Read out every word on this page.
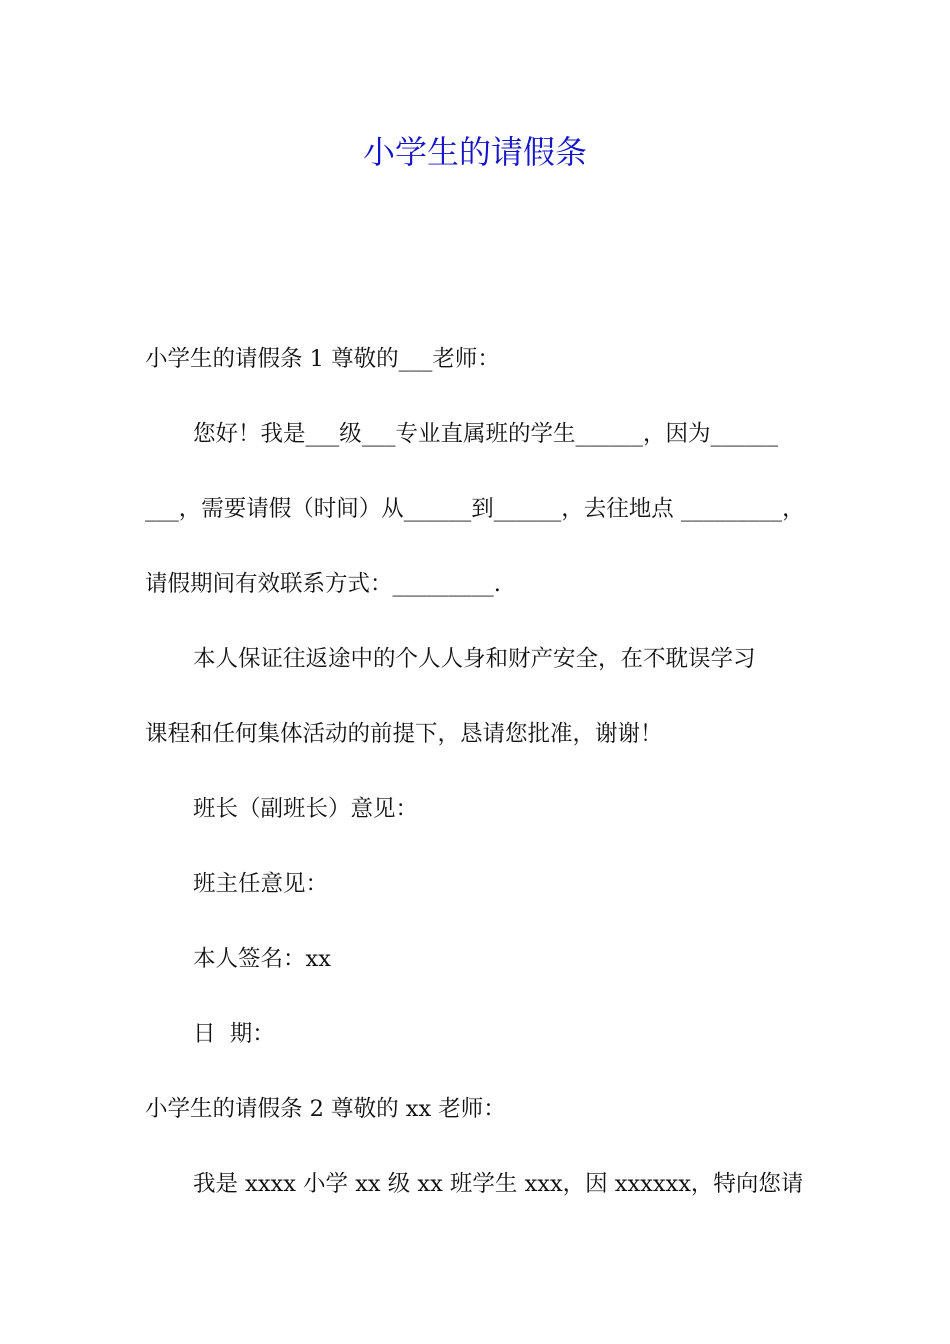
小学生的请假条
小学生的请假条 1 尊敬的___老师：
您好！我是___级___专业直属班的学生______，因为______
___，需要请假（时间）从______到______，去往地点 _________，
请假期间有效联系方式：_________.
本人保证往返途中的个人人身和财产安全，在不耽误学习
课程和任何集体活动的前提下，恳请您批准，谢谢！
班长（副班长）意见：
班主任意见：
本人签名：xx
日  期：
小学生的请假条 2 尊敬的 xx 老师：
我是 xxxx 小学 xx 级 xx 班学生 xxx，因 xxxxxx，特向您请
